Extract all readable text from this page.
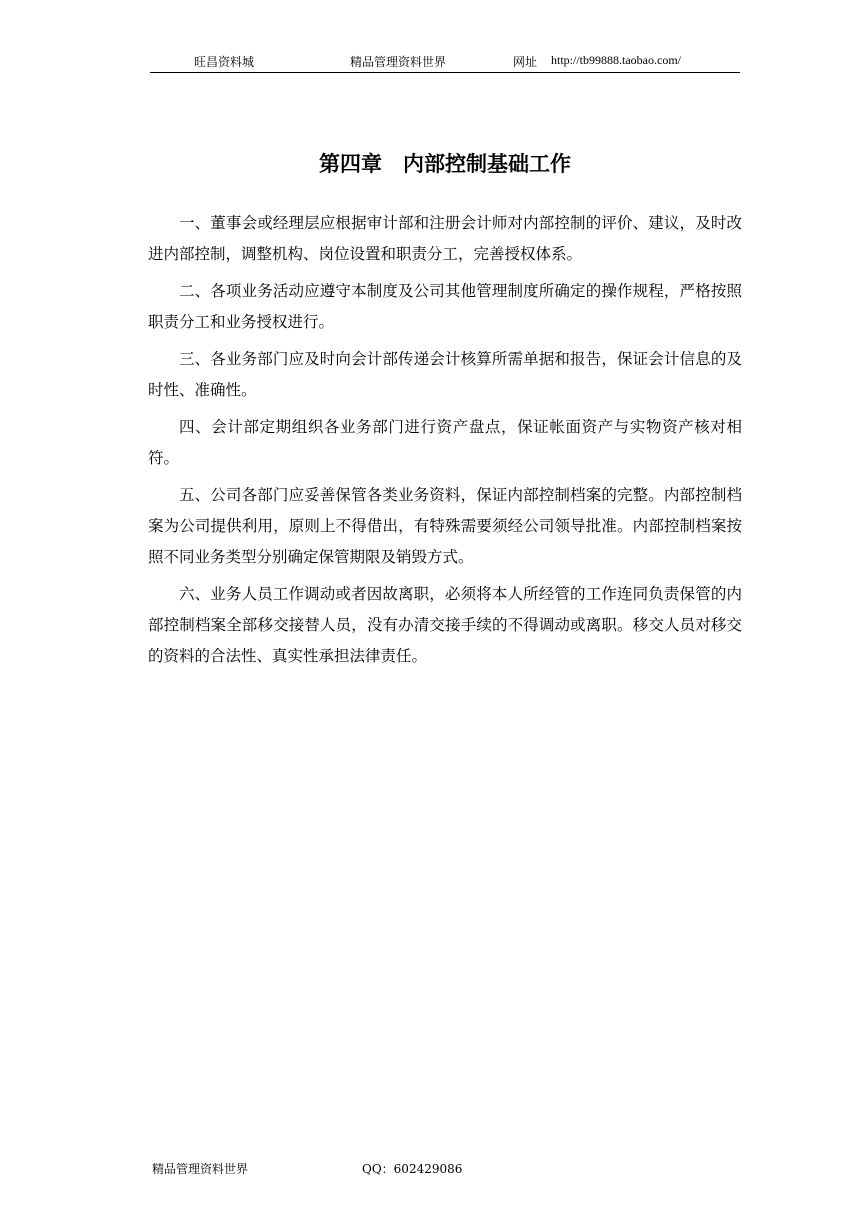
旺昌资料城	精品管理资料世界	网址 http://tb99888.taobao.com/
第四章　内部控制基础工作

一、董事会或经理层应根据审计部和注册会计师对内部控制的评价、建议，及时改进内部控制，调整机构、岗位设置和职责分工，完善授权体系。

二、各项业务活动应遵守本制度及公司其他管理制度所确定的操作规程，严格按照职责分工和业务授权进行。

三、各业务部门应及时向会计部传递会计核算所需单据和报告，保证会计信息的及时性、准确性。

四、会计部定期组织各业务部门进行资产盘点，保证帐面资产与实物资产核对相符。

五、公司各部门应妥善保管各类业务资料，保证内部控制档案的完整。内部控制档案为公司提供利用，原则上不得借出，有特殊需要须经公司领导批准。内部控制档案按照不同业务类型分别确定保管期限及销毁方式。

六、业务人员工作调动或者因故离职，必须将本人所经管的工作连同负责保管的内部控制档案全部移交接替人员，没有办清交接手续的不得调动或离职。移交人员对移交的资料的合法性、真实性承担法律责任。

精品管理资料世界	QQ：602429086
